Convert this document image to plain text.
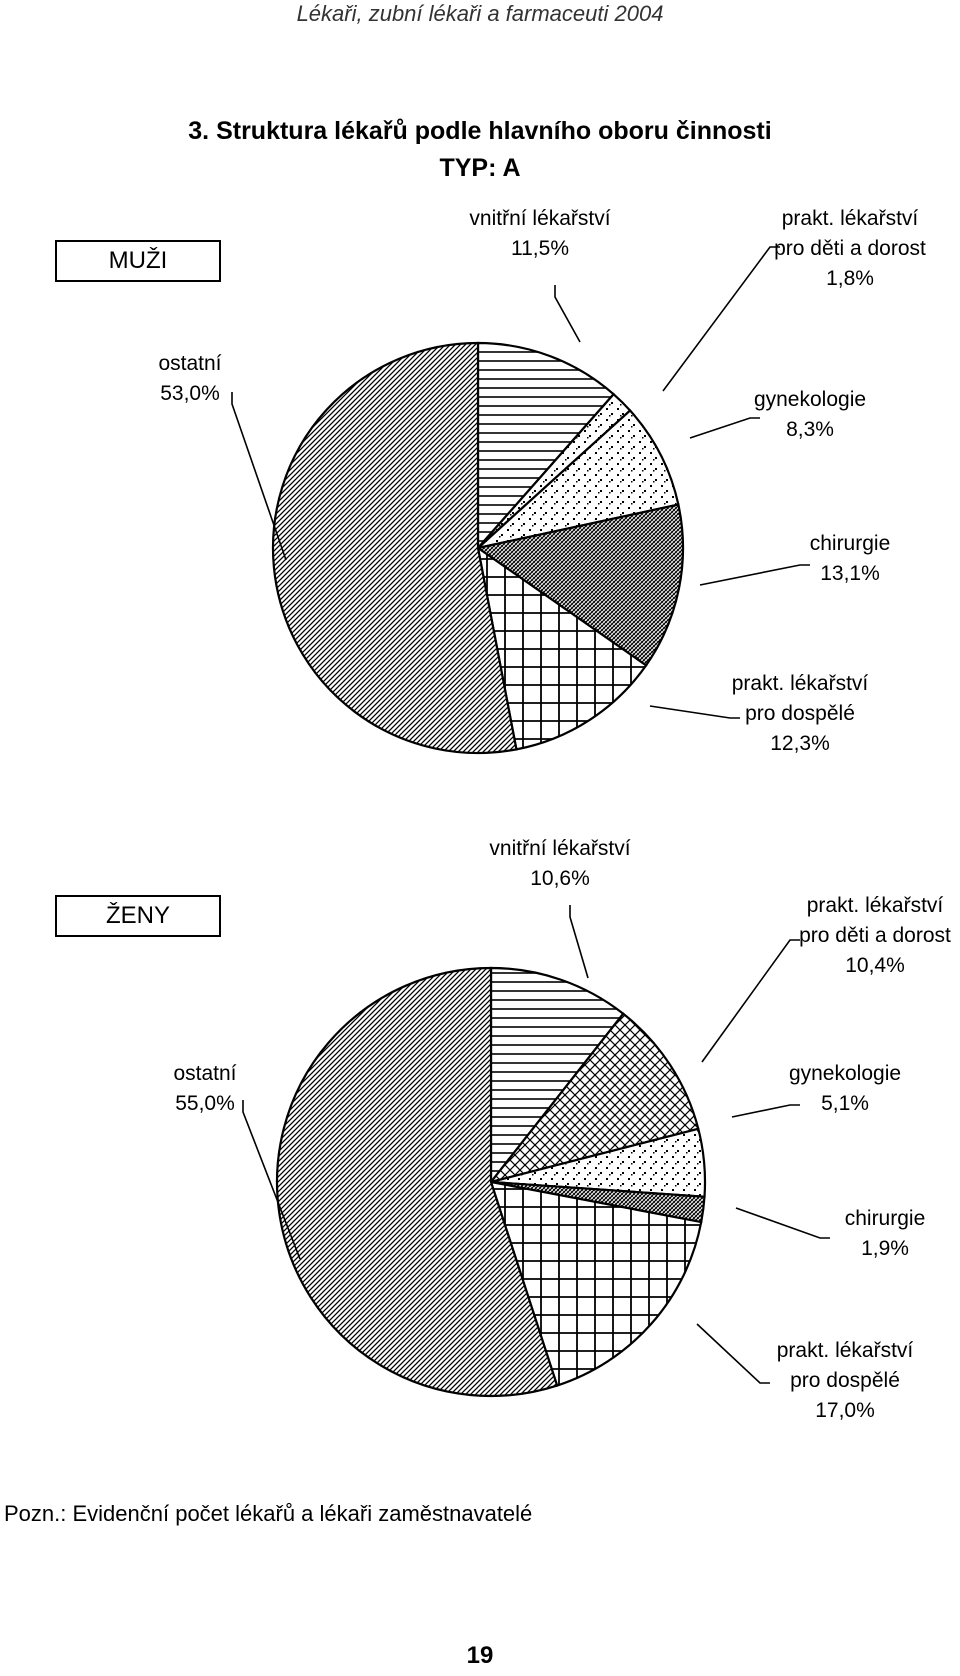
Lékaři, zubní lékaři a farmaceuti 2004
3. Struktura lékařů podle hlavního oboru činnosti
TYP: A
MUŽI
ŽENY
vnitřní lékařství 11,5%
prakt. lékařství pro děti a dorost 1,8%
gynekologie 8,3%
chirurgie 13,1%
prakt. lékařství pro dospělé 12,3%
ostatní 53,0%
vnitřní lékařství 10,6%
prakt. lékařství pro děti a dorost 10,4%
gynekologie 5,1%
chirurgie 1,9%
prakt. lékařství pro dospělé 17,0%
ostatní 55,0%
Pozn.: Evidenční počet lékařů a lékaři zaměstnavatelé
19
